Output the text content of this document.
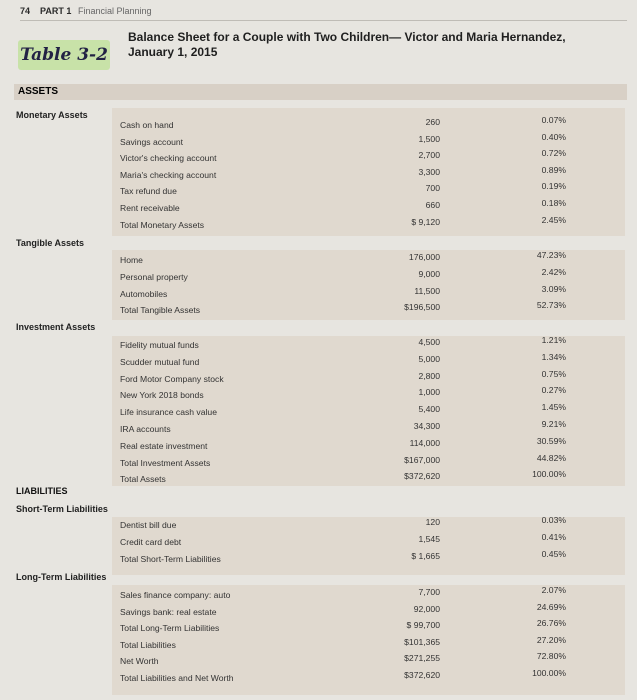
74 PART 1 Financial Planning
Table 3-2
Balance Sheet for a Couple with Two Children— Victor and Maria Hernandez, January 1, 2015
ASSETS
Monetary Assets
Cash on hand	260	0.07%
Savings account	1,500	0.40%
Victor's checking account	2,700	0.72%
Maria's checking account	3,300	0.89%
Tax refund due	700	0.19%
Rent receivable	660	0.18%
Total Monetary Assets	$ 9,120	2.45%
Tangible Assets
Home	176,000	47.23%
Personal property	9,000	2.42%
Automobiles	11,500	3.09%
Total Tangible Assets	$196,500	52.73%
Investment Assets
Fidelity mutual funds	4,500	1.21%
Scudder mutual fund	5,000	1.34%
Ford Motor Company stock	2,800	0.75%
New York 2018 bonds	1,000	0.27%
Life insurance cash value	5,400	1.45%
IRA accounts	34,300	9.21%
Real estate investment	114,000	30.59%
Total Investment Assets	$167,000	44.82%
Total Assets	$372,620	100.00%
LIABILITIES
Short-Term Liabilities
Dentist bill due	120	0.03%
Credit card debt	1,545	0.41%
Total Short-Term Liabilities	$ 1,665	0.45%
Long-Term Liabilities
Sales finance company: auto	7,700	2.07%
Savings bank: real estate	92,000	24.69%
Total Long-Term Liabilities	$ 99,700	26.76%
Total Liabilities	$101,365	27.20%
Net Worth	$271,255	72.80%
Total Liabilities and Net Worth	$372,620	100.00%
